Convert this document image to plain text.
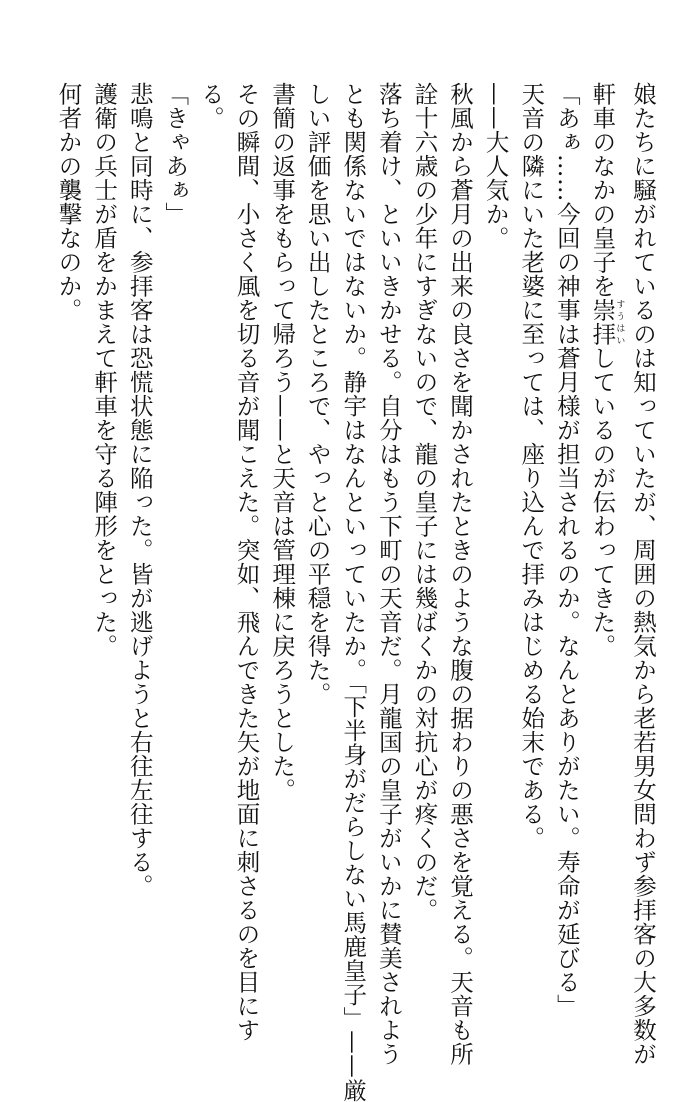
娘たちに騒がれているのは知っていたが、周囲の熱気から老若男女問わず参拝客の大多数が
軒車のなかの皇子を崇拝すうはいしているのが伝わってきた。
「あぁ……今回の神事は蒼月様が担当されるのか。なんとありがたい。寿命が延びる」
天音の隣にいた老婆に至っては、座り込んで拝みはじめる始末である。
——大人気か。
秋風から蒼月の出来の良さを聞かされたときのような腹の据わりの悪さを覚える。天音も所
詮十六歳の少年にすぎないので、龍の皇子には幾ばくかの対抗心が疼くのだ。
落ち着け、といいきかせる。自分はもう下町の天音だ。月龍国の皇子がいかに賛美されよう
とも関係ないではないか。静宇はなんといっていたか。「下半身がだらしない馬鹿皇子」——厳
しい評価を思い出したところで、やっと心の平穏を得た。
書簡の返事をもらって帰ろう——と天音は管理棟に戻ろうとした。
その瞬間、小さく風を切る音が聞こえた。突如、飛んできた矢が地面に刺さるのを目にす
る。
「きゃあぁ」
悲鳴と同時に、参拝客は恐慌状態に陥った。皆が逃げようと右往左往する。
護衛の兵士が盾をかまえて軒車を守る陣形をとった。
何者かの襲撃なのか。
